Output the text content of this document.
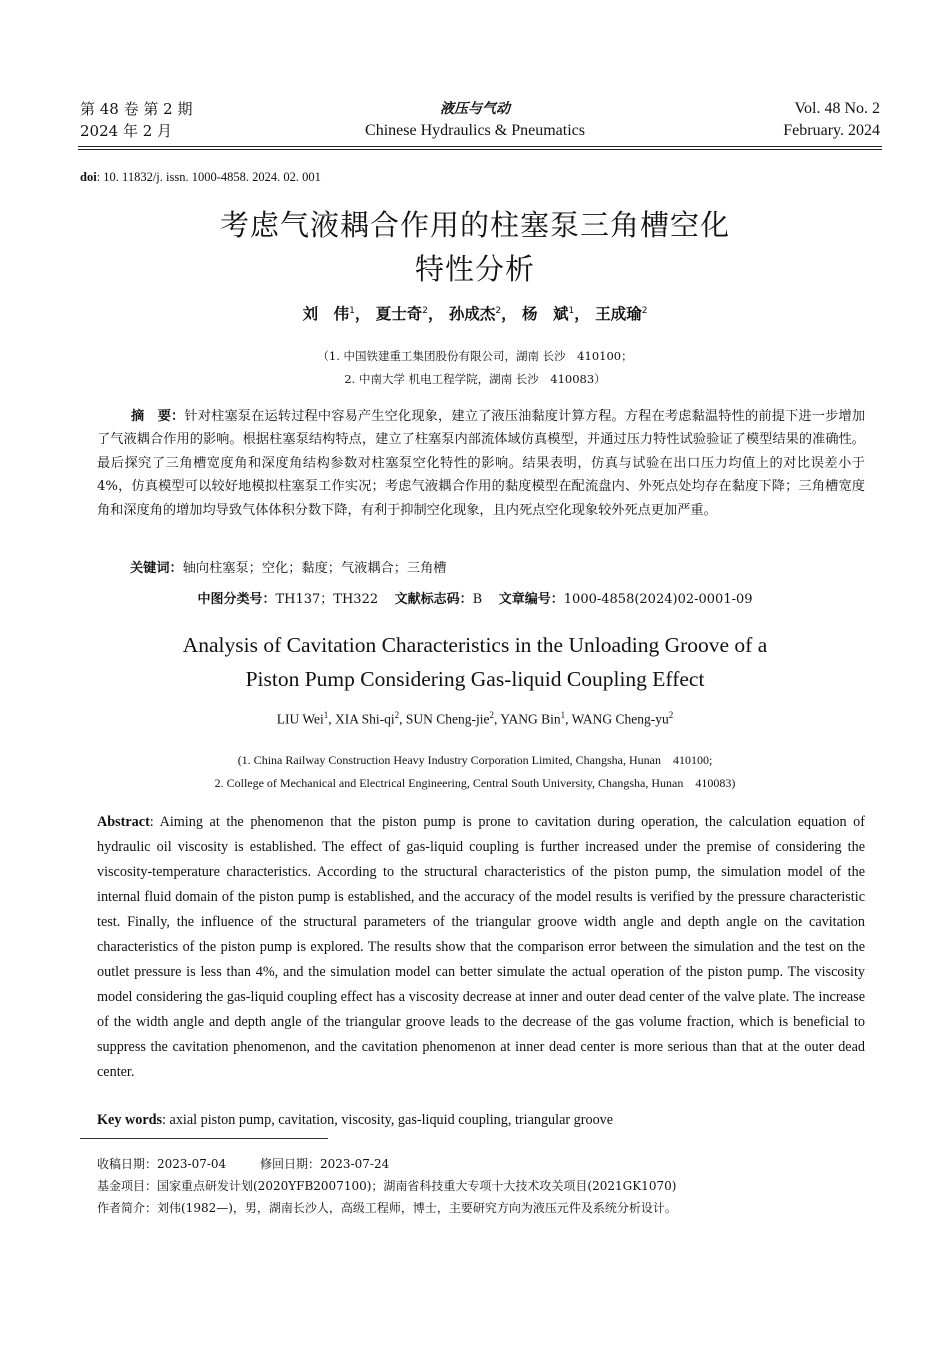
第 48 卷 第 2 期
2024 年 2 月
液压与气动
Chinese Hydraulics & Pneumatics
Vol. 48 No. 2
February. 2024
doi: 10. 11832/j. issn. 1000-4858. 2024. 02. 001
考虑气液耦合作用的柱塞泵三角槽空化
特性分析
刘　伟$^1$， 夏士奇$^2$， 孙成杰$^2$， 杨　斌$^1$， 王成瑜$^2$
（1. 中国铁建重工集团股份有限公司，湖南 长沙　410100；
2. 中南大学 机电工程学院，湖南 长沙　410083）
摘　要：针对柱塞泵在运转过程中容易产生空化现象，建立了液压油黏度计算方程。方程在考虑黏温特性的前提下进一步增加了气液耦合作用的影响。根据柱塞泵结构特点，建立了柱塞泵内部流体域仿真模型，并通过压力特性试验验证了模型结果的准确性。最后探究了三角槽宽度角和深度角结构参数对柱塞泵空化特性的影响。结果表明，仿真与试验在出口压力均值上的对比误差小于4%，仿真模型可以较好地模拟柱塞泵工作实况；考虑气液耦合作用的黏度模型在配流盘内、外死点处均存在黏度下降；三角槽宽度角和深度角的增加均导致气体体积分数下降，有利于抑制空化现象，且内死点空化现象较外死点更加严重。
关键词：轴向柱塞泵；空化；黏度；气液耦合；三角槽
中图分类号：TH137；TH322 文献标志码：B 文章编号：1000-4858(2024)02-0001-09
Analysis of Cavitation Characteristics in the Unloading Groove of a
Piston Pump Considering Gas-liquid Coupling Effect
LIU Wei$^1$, XIA Shi-$qi^2$, SUN Cheng-jie$^2$, YANG Bin$^1$, WANG Cheng-$yu^2$
(1. China Railway Construction Heavy Industry Corporation Limited, Changsha, Hunan　410100;
2. College of Mechanical and Electrical Engineering, Central South University, Changsha, Hunan　410083)
Abstract: Aiming at the phenomenon that the piston pump is prone to cavitation during operation, the calculation equation of hydraulic oil viscosity is established. The effect of gas-liquid coupling is further increased under the premise of considering the viscosity-temperature characteristics. According to the structural characteristics of the piston pump, the simulation model of the internal fluid domain of the piston pump is established, and the accuracy of the model results is verified by the pressure characteristic test. Finally, the influence of the structural parameters of the triangular groove width angle and depth angle on the cavitation characteristics of the piston pump is explored. The results show that the comparison error between the simulation and the test on the outlet pressure is less than 4%, and the simulation model can better simulate the actual operation of the piston pump. The viscosity model considering the gas-liquid coupling effect has a viscosity decrease at inner and outer dead center of the valve plate. The increase of the width angle and depth angle of the triangular groove leads to the decrease of the gas volume fraction, which is beneficial to suppress the cavitation phenomenon, and the cavitation phenomenon at inner dead center is more serious than that at the outer dead center.
Key words: axial piston pump, cavitation, viscosity, gas-liquid coupling, triangular groove
收稿日期：2023-07-04	修回日期：2023-07-24
基金项目：国家重点研发计划(2020YFB2007100)；湖南省科技重大专项十大技术攻关项目(2021GK1070)
作者简介：刘伟(1982—)，男，湖南长沙人，高级工程师，博士，主要研究方向为液压元件及系统分析设计。
